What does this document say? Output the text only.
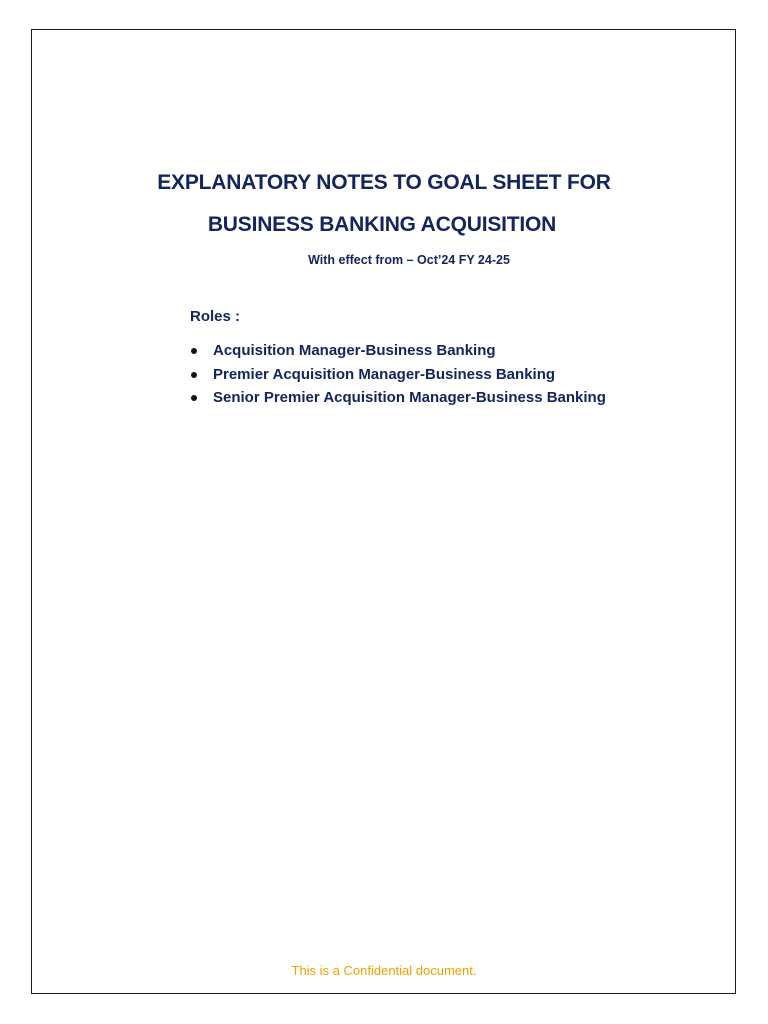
EXPLANATORY NOTES TO GOAL SHEET FOR
BUSINESS BANKING ACQUISITION
With effect from – Oct’24 FY 24-25
Roles :
Acquisition Manager-Business Banking
Premier Acquisition Manager-Business Banking
Senior Premier Acquisition Manager-Business Banking
This is a Confidential document.
